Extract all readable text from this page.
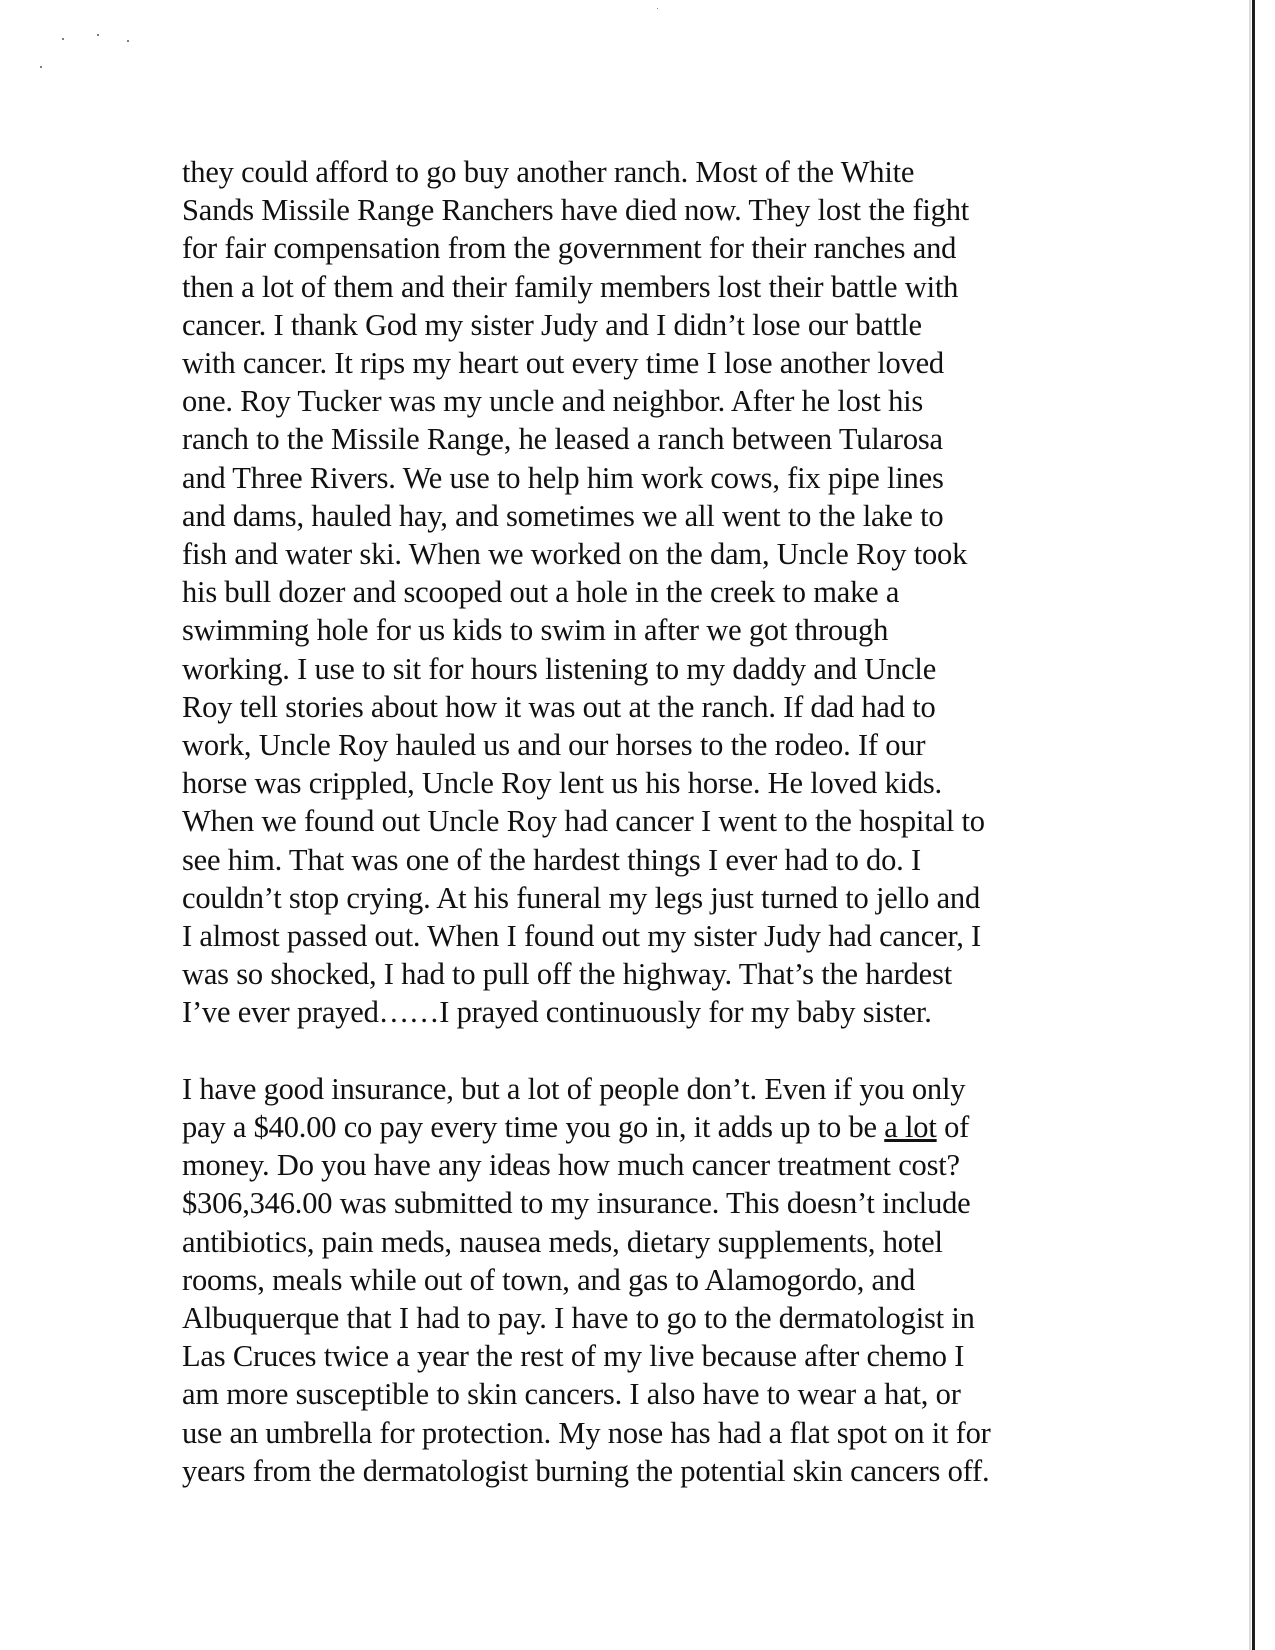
they could afford to go buy another ranch. Most of the White
Sands Missile Range Ranchers have died now. They lost the fight
for fair compensation from the government for their ranches and
then a lot of them and their family members lost their battle with
cancer. I thank God my sister Judy and I didn’t lose our battle
with cancer. It rips my heart out every time I lose another loved
one. Roy Tucker was my uncle and neighbor. After he lost his
ranch to the Missile Range, he leased a ranch between Tularosa
and Three Rivers. We use to help him work cows, fix pipe lines
and dams, hauled hay, and sometimes we all went to the lake to
fish and water ski. When we worked on the dam, Uncle Roy took
his bull dozer and scooped out a hole in the creek to make a
swimming hole for us kids to swim in after we got through
working. I use to sit for hours listening to my daddy and Uncle
Roy tell stories about how it was out at the ranch. If dad had to
work, Uncle Roy hauled us and our horses to the rodeo. If our
horse was crippled, Uncle Roy lent us his horse. He loved kids.
When we found out Uncle Roy had cancer I went to the hospital to
see him. That was one of the hardest things I ever had to do. I
couldn’t stop crying. At his funeral my legs just turned to jello and
I almost passed out. When I found out my sister Judy had cancer, I
was so shocked, I had to pull off the highway. That’s the hardest
I’ve ever prayed……I prayed continuously for my baby sister.
I have good insurance, but a lot of people don’t. Even if you only
pay a $40.00 co pay every time you go in, it adds up to be a lot of
money. Do you have any ideas how much cancer treatment cost?
$306,346.00 was submitted to my insurance. This doesn’t include
antibiotics, pain meds, nausea meds, dietary supplements, hotel
rooms, meals while out of town, and gas to Alamogordo, and
Albuquerque that I had to pay. I have to go to the dermatologist in
Las Cruces twice a year the rest of my live because after chemo I
am more susceptible to skin cancers. I also have to wear a hat, or
use an umbrella for protection. My nose has had a flat spot on it for
years from the dermatologist burning the potential skin cancers off.
